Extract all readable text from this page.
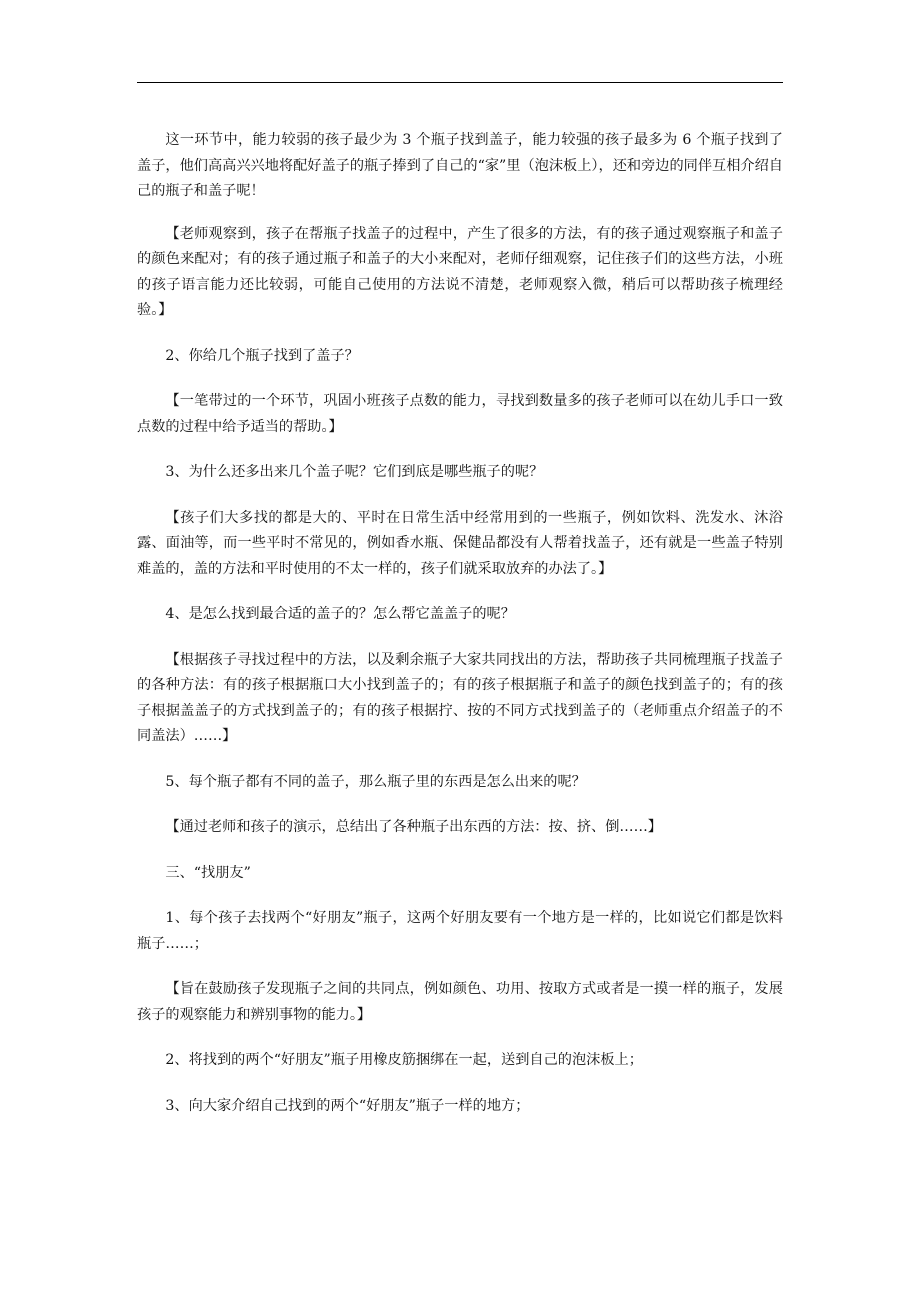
这一环节中，能力较弱的孩子最少为 3 个瓶子找到盖子，能力较强的孩子最多为 6 个瓶子找到了盖子，他们高高兴兴地将配好盖子的瓶子捧到了自己的“家”里（泡沫板上），还和旁边的同伴互相介绍自己的瓶子和盖子呢！

【老师观察到，孩子在帮瓶子找盖子的过程中，产生了很多的方法，有的孩子通过观察瓶子和盖子的颜色来配对；有的孩子通过瓶子和盖子的大小来配对，老师仔细观察，记住孩子们的这些方法，小班的孩子语言能力还比较弱，可能自己使用的方法说不清楚，老师观察入微，稍后可以帮助孩子梳理经验。】

2、你给几个瓶子找到了盖子？

【一笔带过的一个环节，巩固小班孩子点数的能力，寻找到数量多的孩子老师可以在幼儿手口一致点数的过程中给予适当的帮助。】

3、为什么还多出来几个盖子呢？它们到底是哪些瓶子的呢？

【孩子们大多找的都是大的、平时在日常生活中经常用到的一些瓶子，例如饮料、洗发水、沐浴露、面油等，而一些平时不常见的，例如香水瓶、保健品都没有人帮着找盖子，还有就是一些盖子特别难盖的，盖的方法和平时使用的不太一样的，孩子们就采取放弃的办法了。】

4、是怎么找到最合适的盖子的？怎么帮它盖盖子的呢？

【根据孩子寻找过程中的方法，以及剩余瓶子大家共同找出的方法，帮助孩子共同梳理瓶子找盖子的各种方法：有的孩子根据瓶口大小找到盖子的；有的孩子根据瓶子和盖子的颜色找到盖子的；有的孩子根据盖盖子的方式找到盖子的；有的孩子根据拧、按的不同方式找到盖子的（老师重点介绍盖子的不同盖法）……】

5、每个瓶子都有不同的盖子，那么瓶子里的东西是怎么出来的呢？

【通过老师和孩子的演示，总结出了各种瓶子出东西的方法：按、挤、倒……】

三、“找朋友”

1、每个孩子去找两个“好朋友”瓶子，这两个好朋友要有一个地方是一样的，比如说它们都是饮料瓶子……；

【旨在鼓励孩子发现瓶子之间的共同点，例如颜色、功用、按取方式或者是一摸一样的瓶子，发展孩子的观察能力和辨别事物的能力。】

2、将找到的两个“好朋友”瓶子用橡皮筋捆绑在一起，送到自己的泡沫板上；

3、向大家介绍自己找到的两个“好朋友”瓶子一样的地方；
